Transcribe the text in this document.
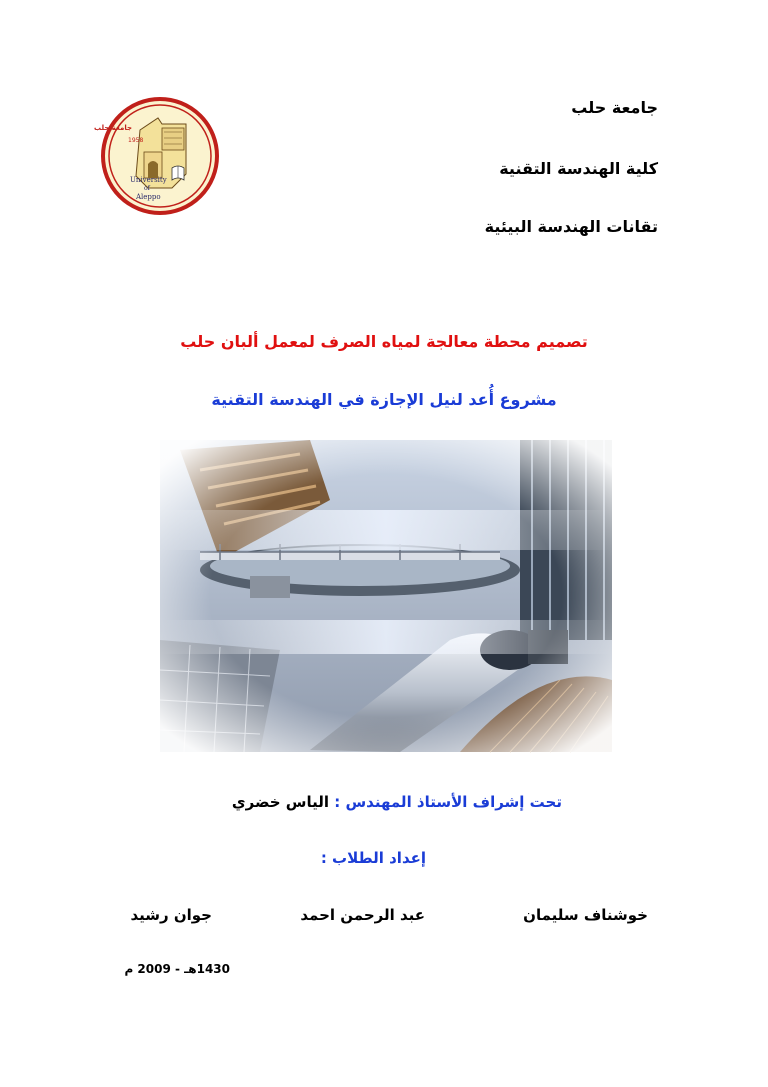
جامعة حلب
كلية الهندسة التقنية
تقانات الهندسة البيئية
جامعة حلب
1958
University
of
Aleppo
تصميم محطة معالجة لمياه الصرف لمعمل ألبان حلب
مشروع أُعد لنيل الإجازة في الهندسة التقنية
تحت إشراف الأستاذ المهندس : الياس خضري
إعداد الطلاب :
خوشناف سليمان
عبد الرحمن احمد
جوان رشيد
1430هـ - 2009 م
